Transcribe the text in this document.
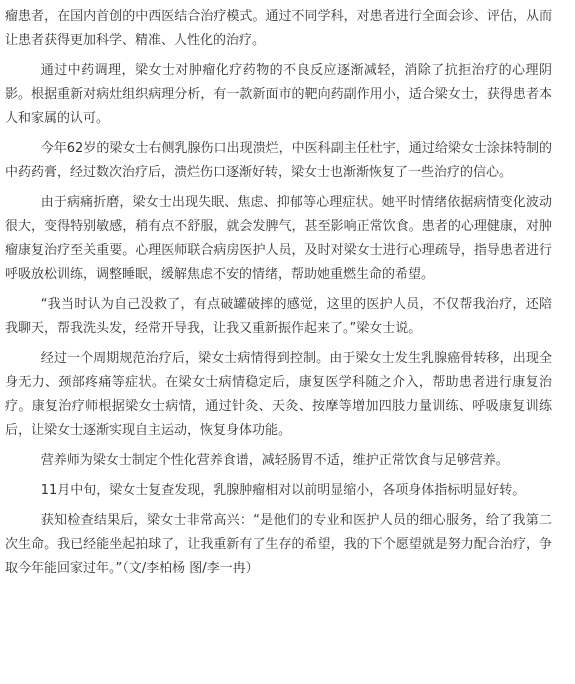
瘤患者，在国内首创的中西医结合治疗模式。通过不同学科，对患者进行全面会诊、评估，从而让患者获得更加科学、精准、人性化的治疗。

通过中药调理，梁女士对肿瘤化疗药物的不良反应逐渐减轻，消除了抗拒治疗的心理阴影。根据重新对病灶组织病理分析，有一款新面市的靶向药副作用小，适合梁女士，获得患者本人和家属的认可。

今年62岁的梁女士右侧乳腺伤口出现溃烂，中医科副主任杜宇，通过给梁女士涂抹特制的中药药膏，经过数次治疗后，溃烂伤口逐渐好转，梁女士也渐渐恢复了一些治疗的信心。

由于病痛折磨，梁女士出现失眠、焦虑、抑郁等心理症状。她平时情绪依据病情变化波动很大，变得特别敏感，稍有点不舒服，就会发脾气，甚至影响正常饮食。患者的心理健康，对肿瘤康复治疗至关重要。心理医师联合病房医护人员，及时对梁女士进行心理疏导，指导患者进行呼吸放松训练，调整睡眠，缓解焦虑不安的情绪，帮助她重燃生命的希望。

“我当时认为自己没救了，有点破罐破摔的感觉，这里的医护人员，不仅帮我治疗，还陪我聊天，帮我洗头发，经常开导我，让我又重新振作起来了。”梁女士说。

经过一个周期规范治疗后，梁女士病情得到控制。由于梁女士发生乳腺癌骨转移，出现全身无力、颈部疼痛等症状。在梁女士病情稳定后，康复医学科随之介入，帮助患者进行康复治疗。康复治疗师根据梁女士病情，通过针灸、天灸、按摩等增加四肢力量训练、呼吸康复训练后，让梁女士逐渐实现自主运动，恢复身体功能。

营养师为梁女士制定个性化营养食谱，减轻肠胃不适，维护正常饮食与足够营养。

11月中旬，梁女士复查发现，乳腺肿瘤相对以前明显缩小，各项身体指标明显好转。

获知检查结果后，梁女士非常高兴：“是他们的专业和医护人员的细心服务，给了我第二次生命。我已经能坐起拍球了，让我重新有了生存的希望，我的下个愿望就是努力配合治疗，争取今年能回家过年。”（文/李柏杨 图/李一冉）
